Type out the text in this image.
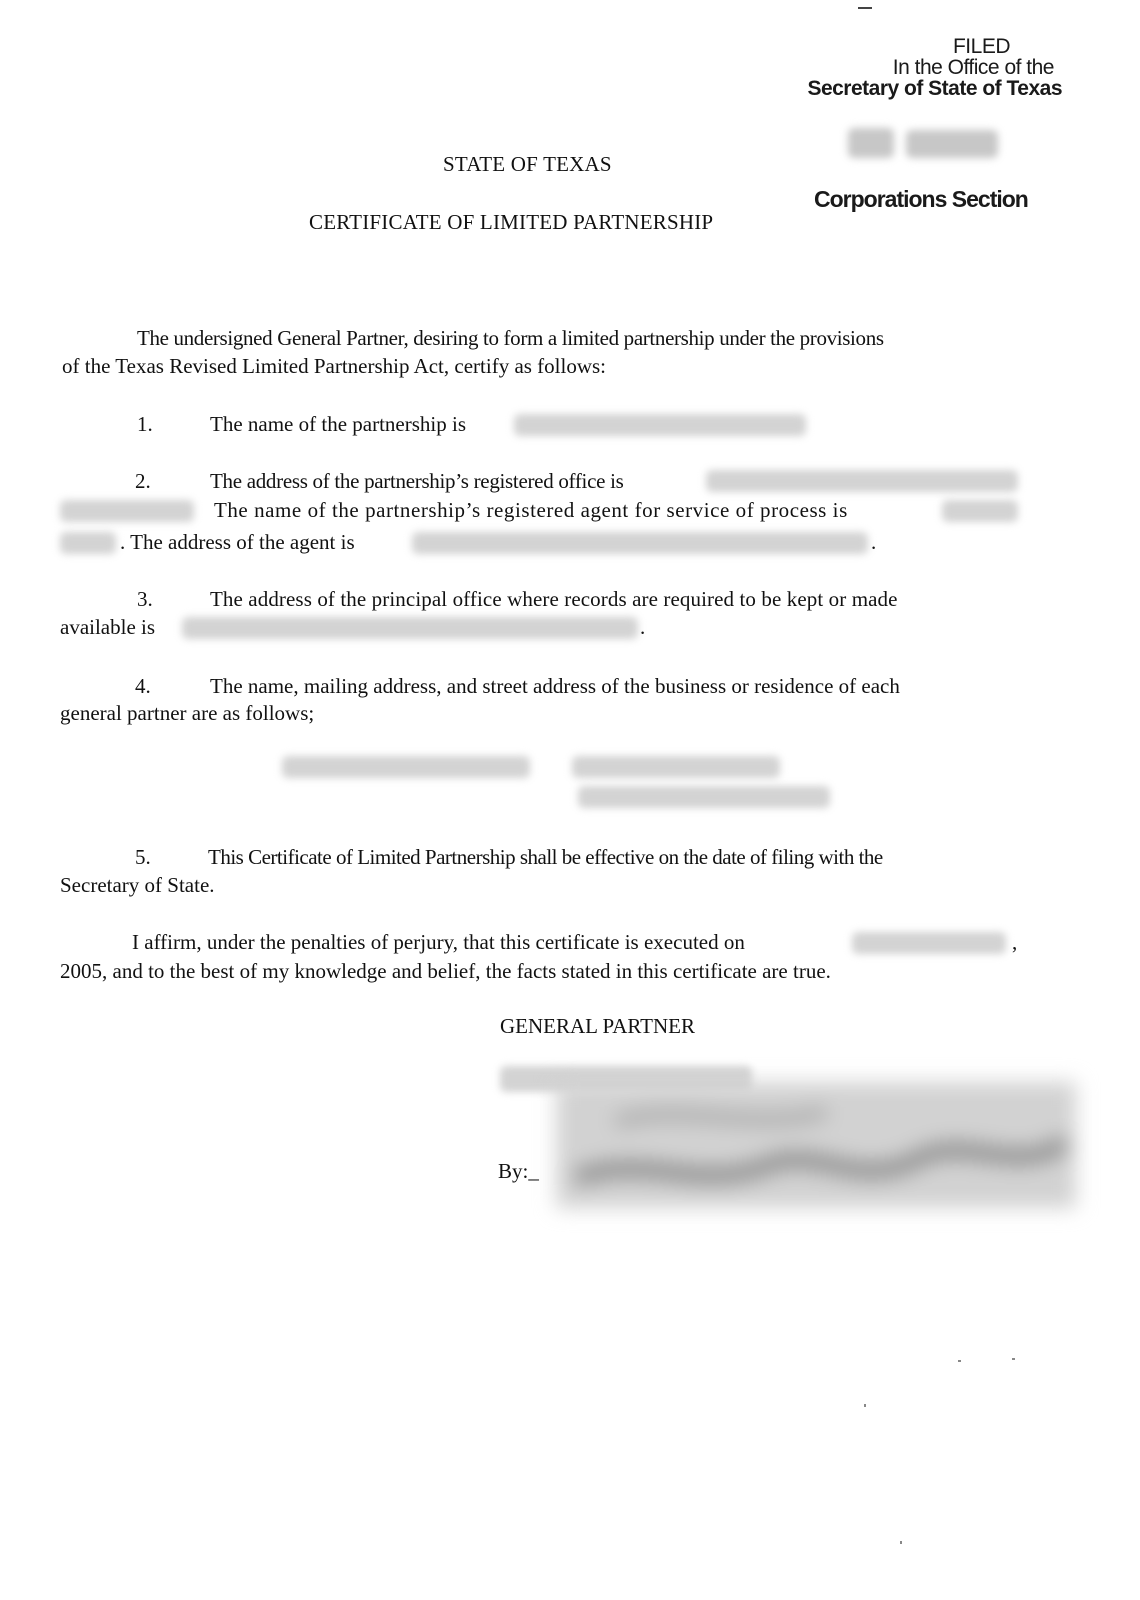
FILED
In the Office of the
Secretary of State of Texas
Corporations Section
STATE OF TEXAS
CERTIFICATE OF LIMITED PARTNERSHIP
The undersigned General Partner, desiring to form a limited partnership under the provisions
of the Texas Revised Limited Partnership Act, certify as follows:
1.	The name of the partnership is
2.	The address of the partnership’s registered office is
The name of the partnership’s registered agent for service of process is
. The address of the agent is	.
3.	The address of the principal office where records are required to be kept or made
available is	.
4.	The name, mailing address, and street address of the business or residence of each
general partner are as follows;
5.	This Certificate of Limited Partnership shall be effective on the date of filing with the
Secretary of State.
I affirm, under the penalties of perjury, that this certificate is executed on	,
2005, and to the best of my knowledge and belief, the facts stated in this certificate are true.
GENERAL PARTNER
By:_
